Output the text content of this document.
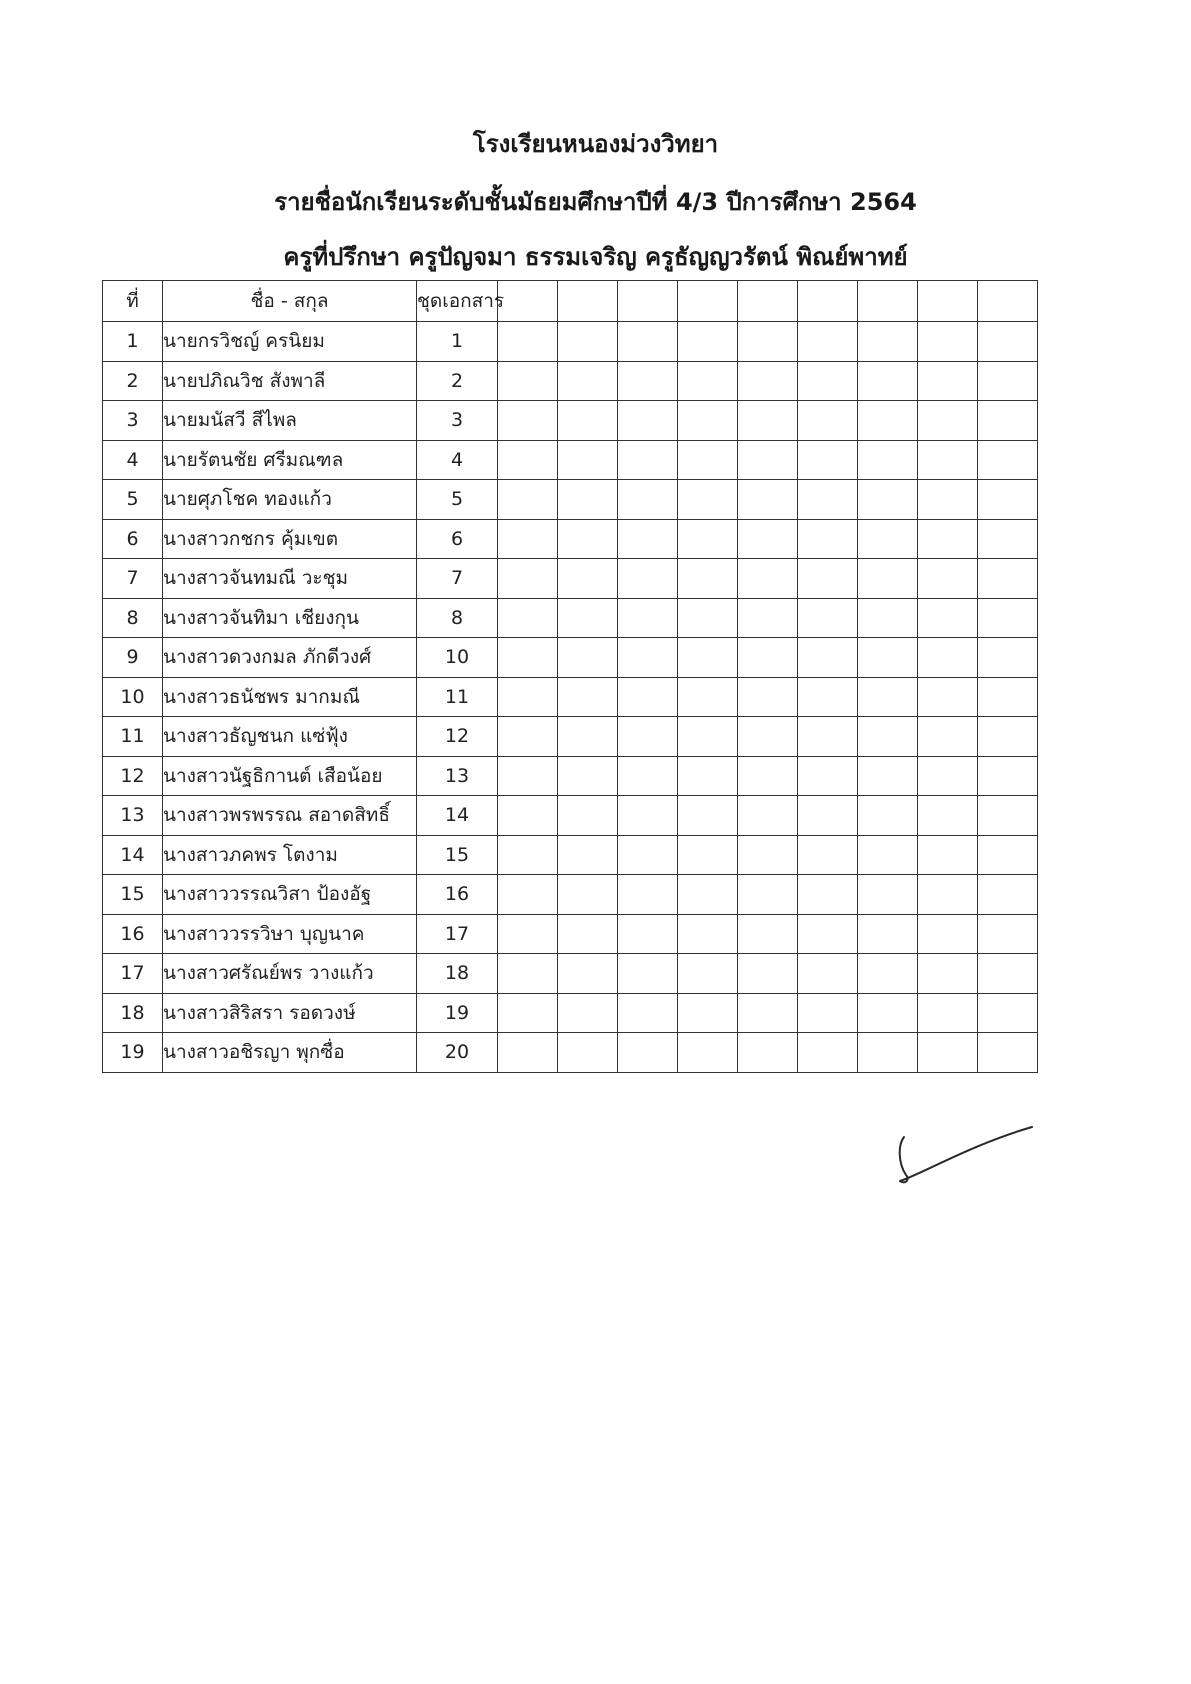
โรงเรียนหนองม่วงวิทยา
รายชื่อนักเรียนระดับชั้นมัธยมศึกษาปีที่ 4/3 ปีการศึกษา 2564
ครูที่ปรึกษา ครูปัญจมา ธรรมเจริญ ครูธัญญวรัตน์ พิณย์พาทย์
ที่	ชื่อ - สกุล	ชุดเอกสาร									
1	นายกรวิชญ์ ครนิยม	1									
2	นายปภิณวิช สังพาลี	2									
3	นายมนัสวี สีไพล	3									
4	นายรัตนชัย ศรีมณฑล	4									
5	นายศุภโชค ทองแก้ว	5									
6	นางสาวกชกร คุ้มเขต	6									
7	นางสาวจันทมณี วะชุม	7									
8	นางสาวจันทิมา เชียงกุน	8									
9	นางสาวดวงกมล ภักดีวงศ์	10									
10	นางสาวธนัชพร มากมณี	11									
11	นางสาวธัญชนก แซ่ฟุ้ง	12									
12	นางสาวนัฐธิกานต์ เสือน้อย	13									
13	นางสาวพรพรรณ สอาดสิทธิ์	14									
14	นางสาวภคพร โตงาม	15									
15	นางสาววรรณวิสา ป้องอัฐ	16									
16	นางสาววรรวิษา บุญนาค	17									
17	นางสาวศรัณย์พร วางแก้ว	18									
18	นางสาวสิริสรา รอดวงษ์	19									
19	นางสาวอชิรญา พุกซื่อ	20									
